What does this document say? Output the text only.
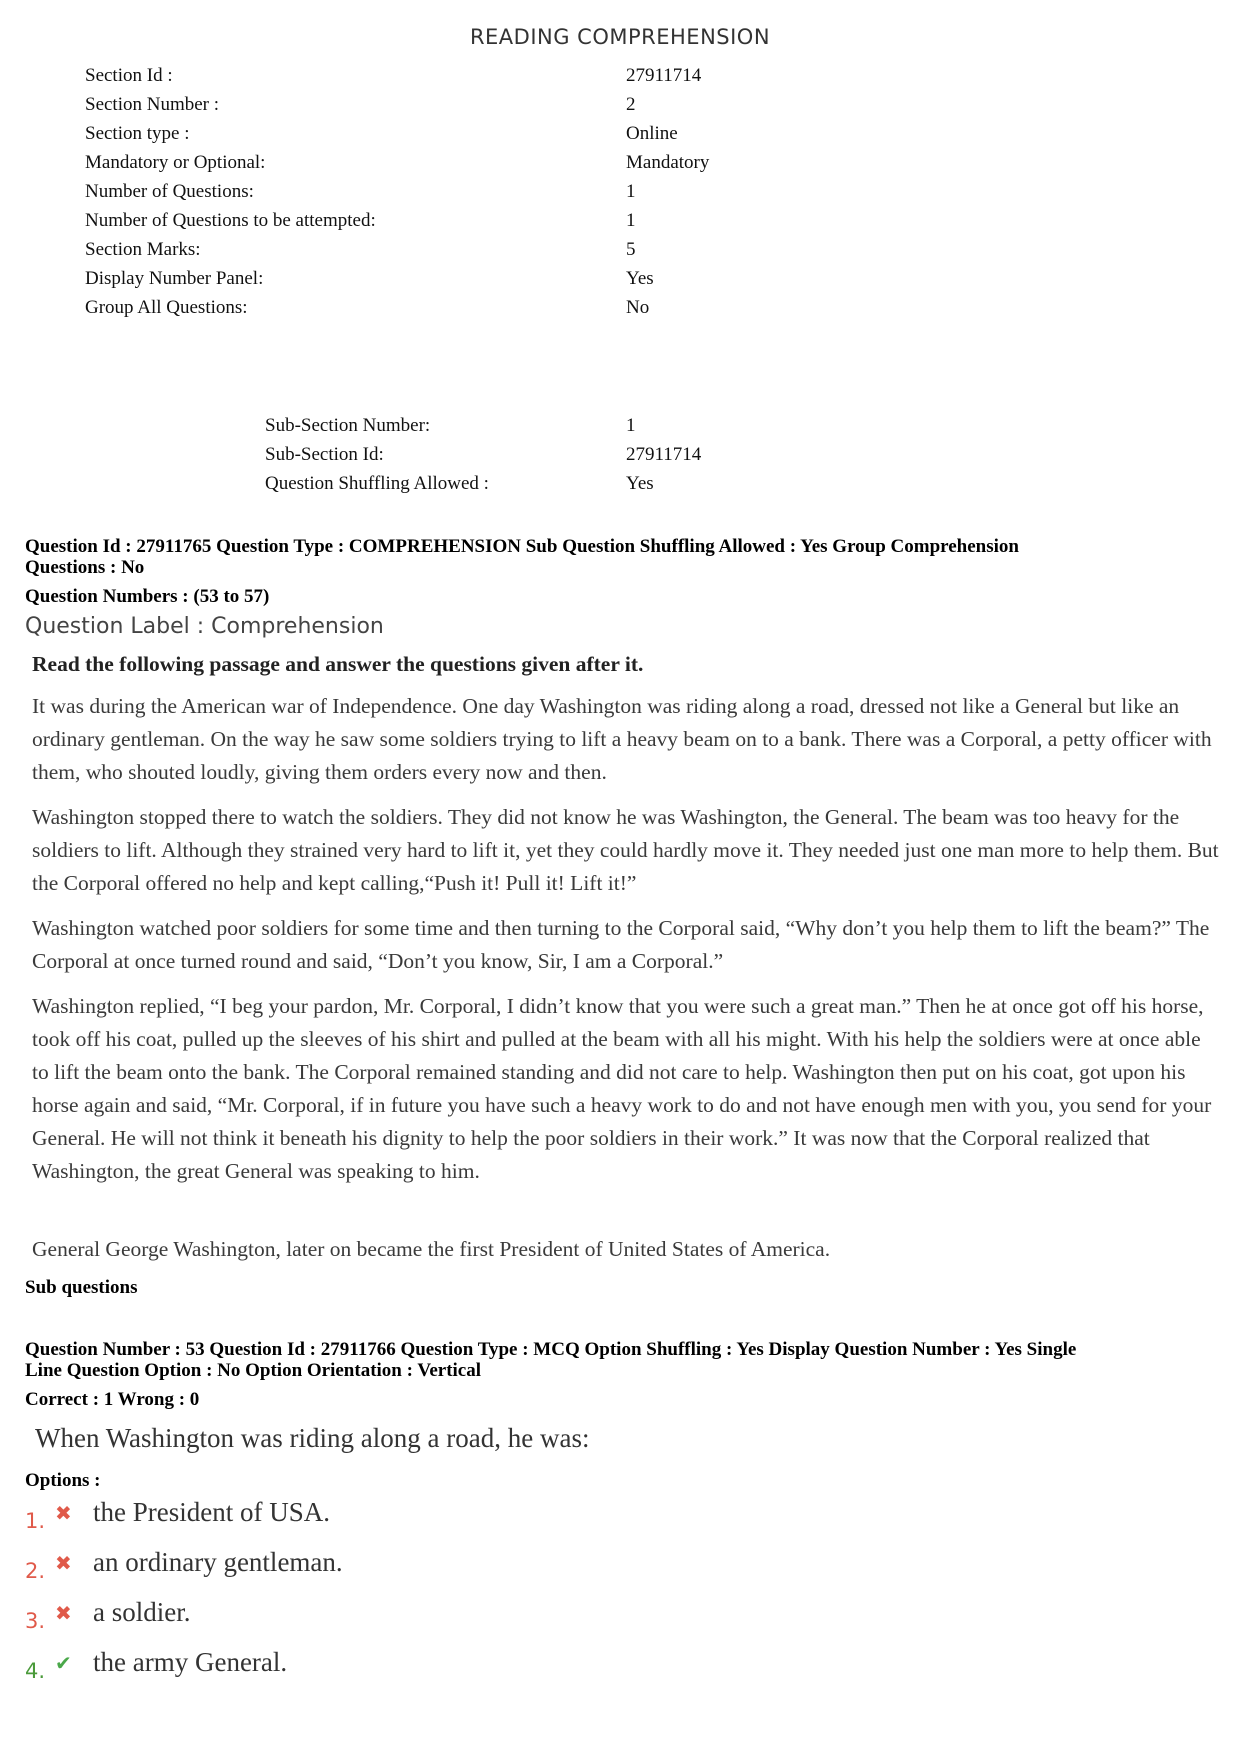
READING COMPREHENSION
Section Id :	27911714
Section Number :	2
Section type :	Online
Mandatory or Optional:	Mandatory
Number of Questions:	1
Number of Questions to be attempted:	1
Section Marks:	5
Display Number Panel:	Yes
Group All Questions:	No
Sub-Section Number:	1
Sub-Section Id:	27911714
Question Shuffling Allowed :	Yes
Question Id : 27911765 Question Type : COMPREHENSION Sub Question Shuffling Allowed : Yes Group Comprehension
Questions : No
Question Numbers : (53 to 57)
Question Label : Comprehension
Read the following passage and answer the questions given after it.

It was during the American war of Independence. One day Washington was riding along a road, dressed not like a General but like an ordinary gentleman. On the way he saw some soldiers trying to lift a heavy beam on to a bank. There was a Corporal, a petty officer with them, who shouted loudly, giving them orders every now and then.

Washington stopped there to watch the soldiers. They did not know he was Washington, the General. The beam was too heavy for the soldiers to lift. Although they strained very hard to lift it, yet they could hardly move it. They needed just one man more to help them. But the Corporal offered no help and kept calling,“Push it! Pull it! Lift it!”

Washington watched poor soldiers for some time and then turning to the Corporal said, “Why don’t you help them to lift the beam?” The Corporal at once turned round and said, “Don’t you know, Sir, I am a Corporal.”

Washington replied, “I beg your pardon, Mr. Corporal, I didn’t know that you were such a great man.” Then he at once got off his horse, took off his coat, pulled up the sleeves of his shirt and pulled at the beam with all his might. With his help the soldiers were at once able to lift the beam onto the bank. The Corporal remained standing and did not care to help. Washington then put on his coat, got upon his horse again and said, “Mr. Corporal, if in future you have such a heavy work to do and not have enough men with you, you send for your General. He will not think it beneath his dignity to help the poor soldiers in their work.” It was now that the Corporal realized that Washington, the great General was speaking to him.

General George Washington, later on became the first President of United States of America.

Sub questions
Question Number : 53 Question Id : 27911766 Question Type : MCQ Option Shuffling : Yes Display Question Number : Yes Single
Line Question Option : No Option Orientation : Vertical
Correct : 1 Wrong : 0
When Washington was riding along a road, he was:
Options :
1. ✖ the President of USA.
2. ✖ an ordinary gentleman.
3. ✖ a soldier.
4. ✔ the army General.
